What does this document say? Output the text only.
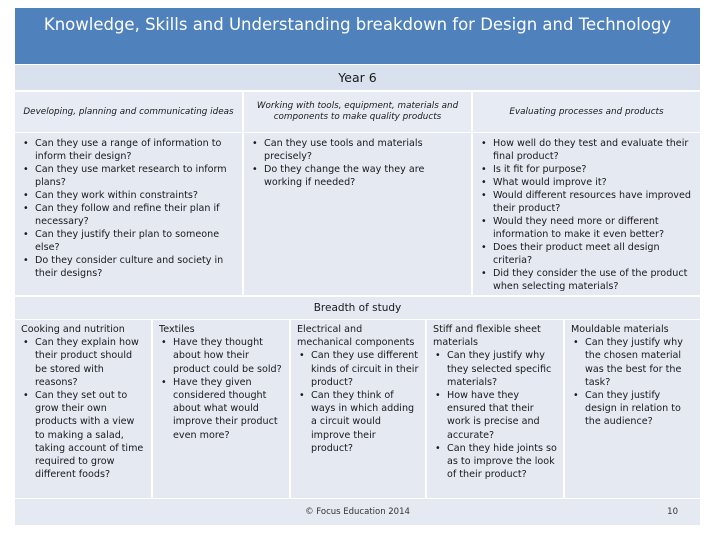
Knowledge, Skills and Understanding breakdown for Design and Technology
Year 6
Developing, planning and communicating ideas
Working with tools, equipment, materials and components to make quality products
Evaluating processes and products
• Can they use a range of information to inform their design?
• Can they use market research to inform plans?
• Can they work within constraints?
• Can they follow and refine their plan if necessary?
• Can they justify their plan to someone else?
• Do they consider culture and society in their designs?
• Can they use tools and materials precisely?
• Do they change the way they are working if needed?
• How well do they test and evaluate their final product?
• Is it fit for purpose?
• What would improve it?
• Would different resources have improved their product?
• Would they need more or different information to make it even better?
• Does their product meet all design criteria?
• Did they consider the use of the product when selecting materials?
Breadth of study
Cooking and nutrition
• Can they explain how their product should be stored with reasons?
• Can they set out to grow their own products with a view to making a salad, taking account of time required to grow different foods?
Textiles
• Have they thought about how their product could be sold?
• Have they given considered thought about what would improve their product even more?
Electrical and mechanical components
• Can they use different kinds of circuit in their product?
• Can they think of ways in which adding a circuit would improve their product?
Stiff and flexible sheet materials
• Can they justify why they selected specific materials?
• How have they ensured that their work is precise and accurate?
• Can they hide joints so as to improve the look of their product?
Mouldable materials
• Can they justify why the chosen material was the best for the task?
• Can they justify design in relation to the audience?
© Focus Education 2014	10
